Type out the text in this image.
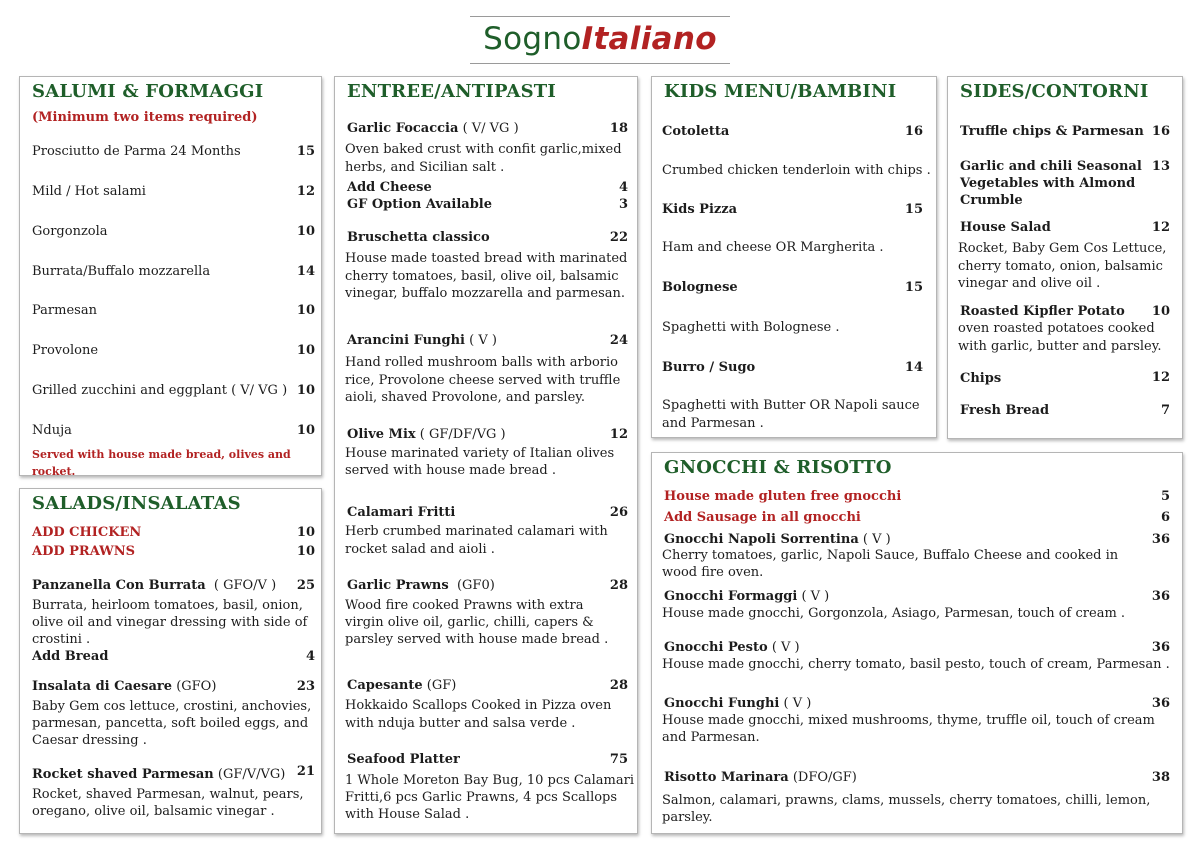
SognoItaliano
SALUMI & FORMAGGI
(Minimum two items required)
Prosciutto de Parma 24 Months	15
Mild / Hot salami	12
Gorgonzola	10
Burrata/Buffalo mozzarella	14
Parmesan	10
Provolone	10
Grilled zucchini and eggplant ( V/ VG ) 10
Nduja	10
Served with house made bread, olives and rocket.
SALADS/INSALATAS
ADD CHICKEN	10
ADD PRAWNS	10
Panzanella Con Burrata ( GFO/V ) 25
Burrata, heirloom tomatoes, basil, onion,
olive oil and vinegar dressing with side of
crostini .
Add Bread	4
Insalata di Caesare (GFO)	23
Baby Gem cos lettuce, crostini, anchovies,
parmesan, pancetta, soft boiled eggs, and
Caesar dressing .
Rocket shaved Parmesan (GF/V/VG) 21
Rocket, shaved Parmesan, walnut, pears,
oregano, olive oil, balsamic vinegar .
ENTREE/ANTIPASTI
Garlic Focaccia ( V/ VG )	18
Oven baked crust with confit garlic,mixed
herbs, and Sicilian salt .
Add Cheese	4
GF Option Available	3
Bruschetta classico	22
House made toasted bread with marinated
cherry tomatoes, basil, olive oil, balsamic
vinegar, buffalo mozzarella and parmesan.
Arancini Funghi ( V )	24
Hand rolled mushroom balls with arborio
rice, Provolone cheese served with truffle
aioli, shaved Provolone, and parsley.
Olive Mix ( GF/DF/VG )	12
House marinated variety of Italian olives
served with house made bread .
Calamari Fritti	26
Herb crumbed marinated calamari with
rocket salad and aioli .
Garlic Prawns (GF0)	28
Wood fire cooked Prawns with extra
virgin olive oil, garlic, chilli, capers &
parsley served with house made bread .
Capesante (GF)	28
Hokkaido Scallops Cooked in Pizza oven
with nduja butter and salsa verde .
Seafood Platter	75
1 Whole Moreton Bay Bug, 10 pcs Calamari
Fritti,6 pcs Garlic Prawns, 4 pcs Scallops
with House Salad .
KIDS MENU/BAMBINI
Cotoletta	16
Crumbed chicken tenderloin with chips .
Kids Pizza	15
Ham and cheese OR Margherita .
Bolognese	15
Spaghetti with Bolognese .
Burro / Sugo	14
Spaghetti with Butter OR Napoli sauce
and Parmesan .
SIDES/CONTORNI
Truffle chips & Parmesan 16
Garlic and chili Seasonal
Vegetables with Almond
Crumble
13
House Salad	12
Rocket, Baby Gem Cos Lettuce,
cherry tomato, onion, balsamic
vinegar and olive oil .
Roasted Kipfler Potato 10
oven roasted potatoes cooked
with garlic, butter and parsley.
Chips	12
Fresh Bread	7
GNOCCHI & RISOTTO
House made gluten free gnocchi	5
Add Sausage in all gnocchi	6
Gnocchi Napoli Sorrentina ( V )	36
Cherry tomatoes, garlic, Napoli Sauce, Buffalo Cheese and cooked in
wood fire oven.
Gnocchi Formaggi ( V )	36
House made gnocchi, Gorgonzola, Asiago, Parmesan, touch of cream .
Gnocchi Pesto ( V )	36
House made gnocchi, cherry tomato, basil pesto, touch of cream, Parmesan .
Gnocchi Funghi ( V )	36
House made gnocchi, mixed mushrooms, thyme, truffle oil, touch of cream
and Parmesan.
Risotto Marinara (DFO/GF)	38
Salmon, calamari, prawns, clams, mussels, cherry tomatoes, chilli, lemon,
parsley.
